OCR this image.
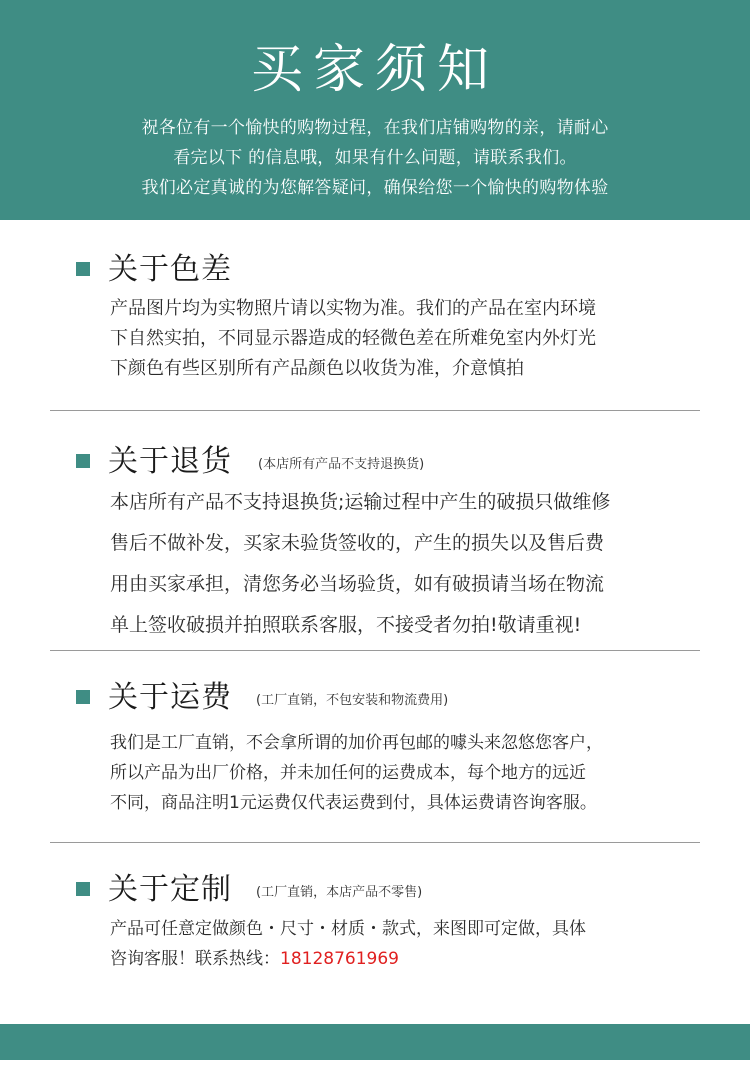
买家须知
祝各位有一个愉快的购物过程，在我们店铺购物的亲，请耐心
看完以下 的信息哦，如果有什么问题，请联系我们。
我们必定真诚的为您解答疑问，确保给您一个愉快的购物体验
关于色差

产品图片均为实物照片请以实物为准。我们的产品在室内环境

下自然实拍，不同显示器造成的轻微色差在所难免室内外灯光

下颜色有些区别所有产品颜色以收货为准，介意慎拍

关于退货 (本店所有产品不支持退换货)

本店所有产品不支持退换货;运输过程中产生的破损只做维修

售后不做补发，买家未验货签收的，产生的损失以及售后费

用由买家承担，清您务必当场验货，如有破损请当场在物流

单上签收破损并拍照联系客服，不接受者勿拍!敬请重视!

关于运费 (工厂直销，不包安装和物流费用)

我们是工厂直销，不会拿所谓的加价再包邮的噱头来忽悠您客户，

所以产品为出厂价格，并未加任何的运费成本，每个地方的远近

不同，商品注明1元运费仅代表运费到付，具体运费请咨询客服。

关于定制 (工厂直销，本店产品不零售)

产品可任意定做颜色・尺寸・材质・款式，来图即可定做，具体

咨询客服！联系热线：18128761969
